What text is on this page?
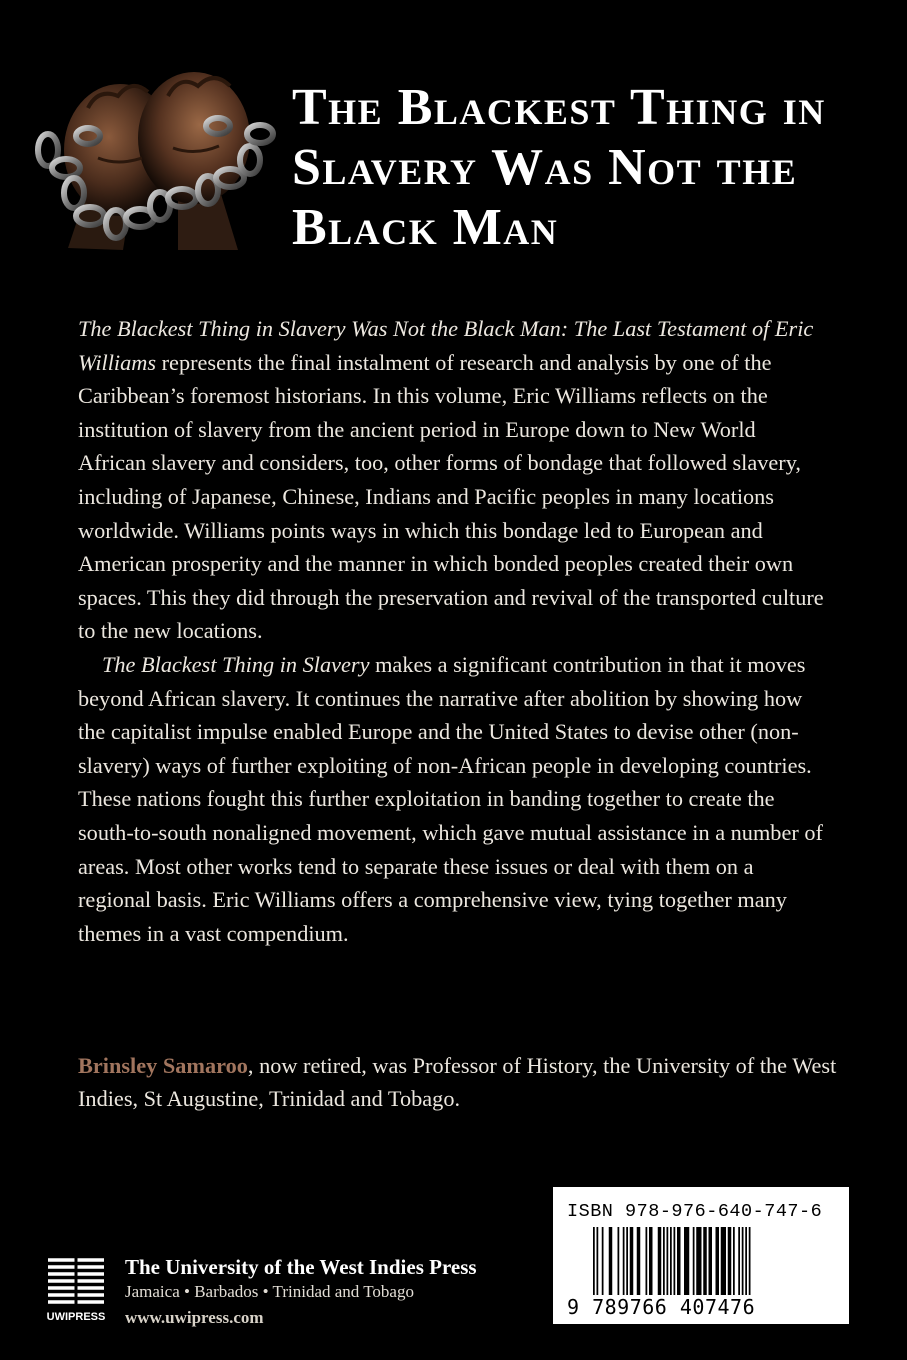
The Blackest Thing in
Slavery Was Not the
Black Man

The Blackest Thing in Slavery Was Not the Black Man: The Last Testament of Eric Williams represents the final instalment of research and analysis by one of the Caribbean’s foremost historians. In this volume, Eric Williams reflects on the institution of slavery from the ancient period in Europe down to New World African slavery and considers, too, other forms of bondage that followed slavery, including of Japanese, Chinese, Indians and Pacific peoples in many locations worldwide. Williams points ways in which this bondage led to European and American prosperity and the manner in which bonded peoples created their own spaces. This they did through the preservation and revival of the transported culture to the new locations.

The Blackest Thing in Slavery makes a significant contribution in that it moves beyond African slavery. It continues the narrative after abolition by showing how the capitalist impulse enabled Europe and the United States to devise other (non-slavery) ways of further exploiting of non-African people in developing countries. These nations fought this further exploitation in banding together to create the south-to-south nonaligned movement, which gave mutual assistance in a number of areas. Most other works tend to separate these issues or deal with them on a regional basis. Eric Williams offers a comprehensive view, tying together many themes in a vast compendium.

Brinsley Samaroo, now retired, was Professor of History, the University of the West Indies, St Augustine, Trinidad and Tobago.
UWIPRESS
The University of the West Indies Press
Jamaica • Barbados • Trinidad and Tobago
www.uwipress.com
ISBN 978-976-640-747-6
9 789766 407476
